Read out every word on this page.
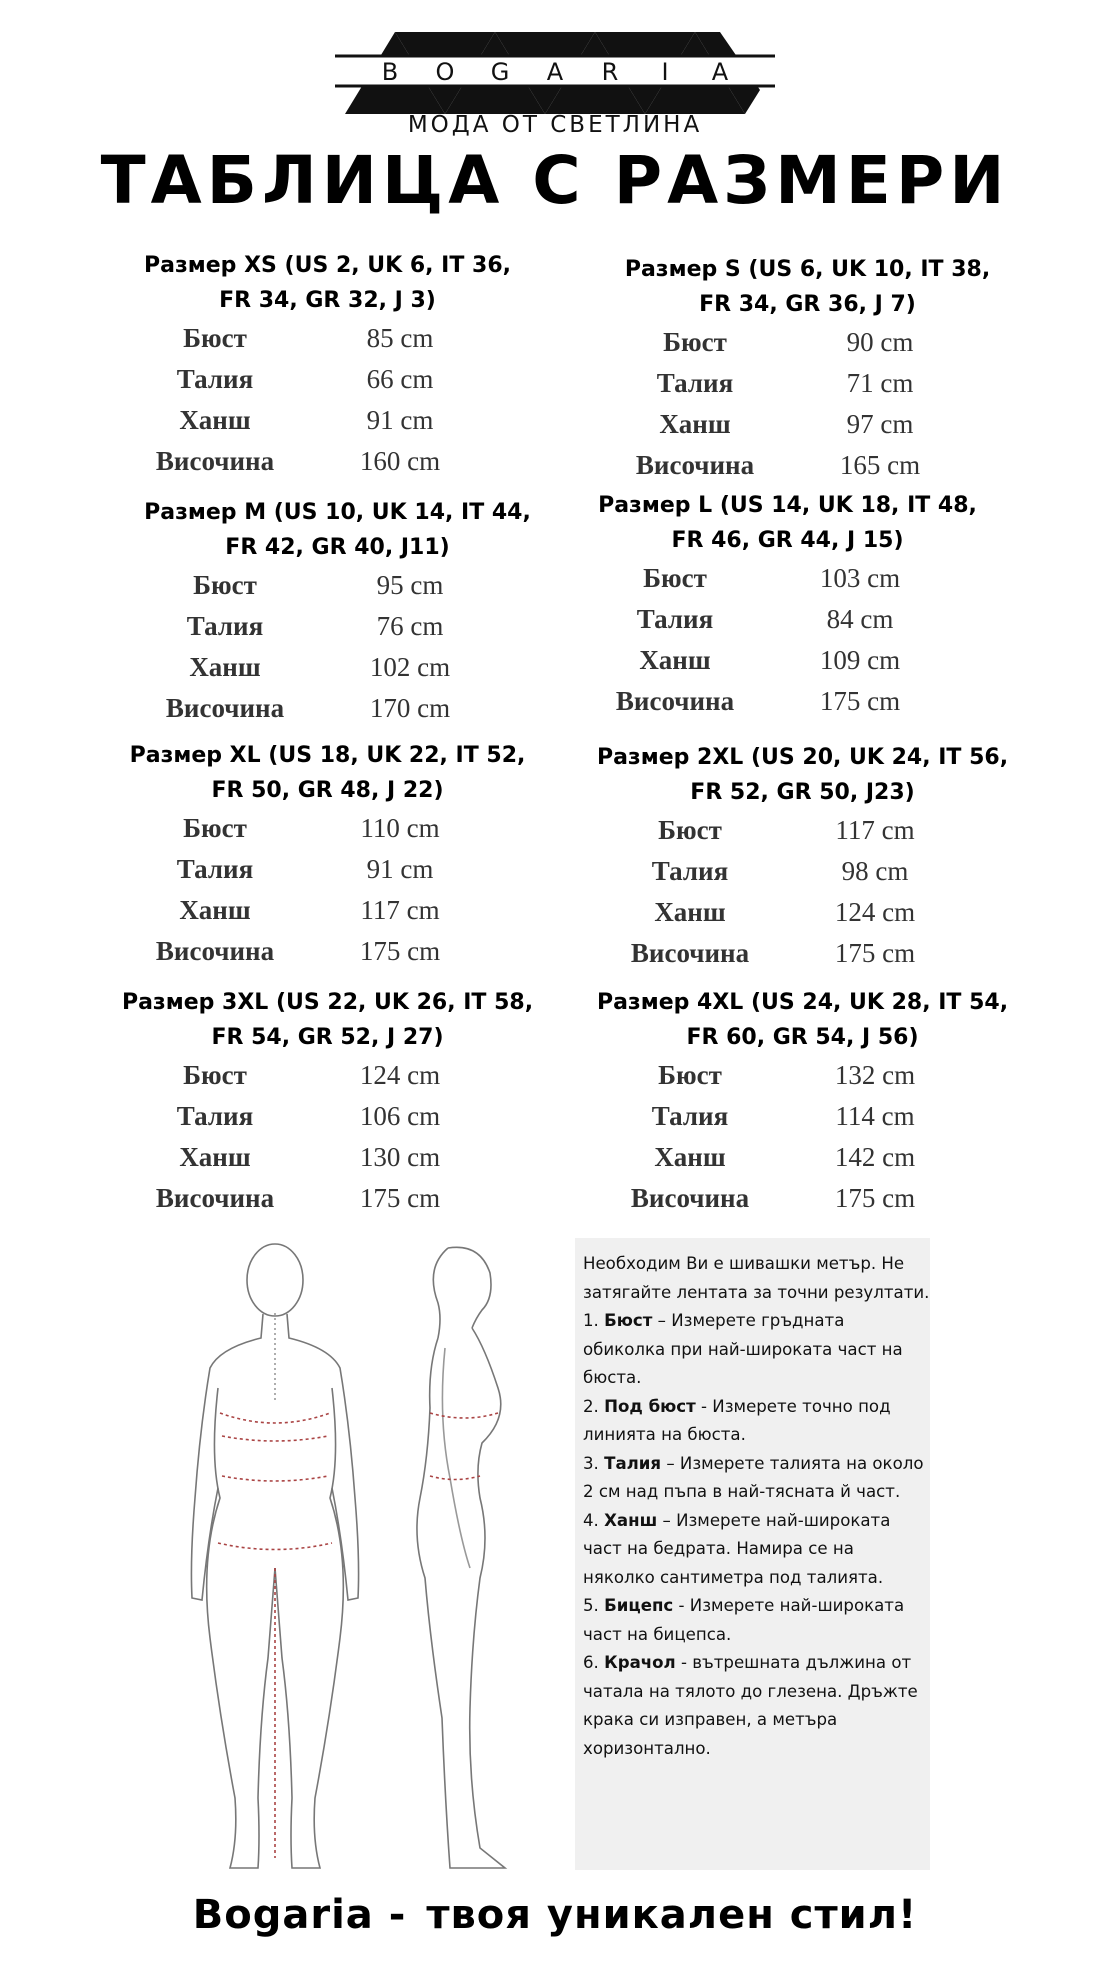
B O G A R I A
МОДА ОТ СВЕТЛИНА
ТАБЛИЦА С РАЗМЕРИ
Размер XS (US 2, UK 6, IT 36,
FR 34, GR 32, J 3)
Бюст	85 cm
Талия	66 cm
Ханш	91 cm
Височина	160 cm
Размер S (US 6, UK 10, IT 38,
FR 34, GR 36, J 7)
Бюст	90 cm
Талия	71 cm
Ханш	97 cm
Височина	165 cm
Размер M (US 10, UK 14, IT 44,
FR 42, GR 40, J11)
Бюст	95 cm
Талия	76 cm
Ханш	102 cm
Височина	170 cm
Размер L (US 14, UK 18, IT 48,
FR 46, GR 44, J 15)
Бюст	103 cm
Талия	84 cm
Ханш	109 cm
Височина	175 cm
Размер XL (US 18, UK 22, IT 52,
FR 50, GR 48, J 22)
Бюст	110 cm
Талия	91 cm
Ханш	117 cm
Височина	175 cm
Размер 2XL (US 20, UK 24, IT 56,
FR 52, GR 50, J23)
Бюст	117 cm
Талия	98 cm
Ханш	124 cm
Височина	175 cm
Размер 3XL (US 22, UK 26, IT 58,
FR 54, GR 52, J 27)
Бюст	124 cm
Талия	106 cm
Ханш	130 cm
Височина	175 cm
Размер 4XL (US 24, UK 28, IT 54,
FR 60, GR 54, J 56)
Бюст	132 cm
Талия	114 cm
Ханш	142 cm
Височина	175 cm

Необходим Ви е шивашки метър. Не затягайте лентата за точни резултати.

1. Бюст – Измерете гръдната обиколка при най-широката част на бюста.

2. Под бюст - Измерете точно под линията на бюста.

3. Талия – Измерете талията на около 2 см над пъпа в най-тясната й част.

4. Ханш – Измерете най-широката част на бедрата. Намира се на няколко сантиметра под талията.

5. Бицепс - Измерете най-широката част на бицепса.

6. Крачол - вътрешната дължина от чатала на тялото до глезена. Дръжте крака си изправен, а метъра хоризонтално.

Bogaria - твоя уникален стил!
